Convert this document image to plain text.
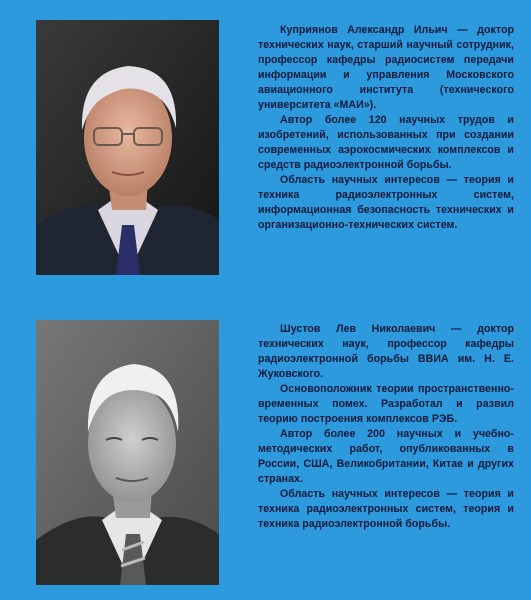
Куприянов Александр Ильич — доктор технических наук, старший научный сотрудник, профессор кафедры радиосистем передачи информации и управления Московского авиационного института (технического университета «МАИ»).

Автор более 120 научных трудов и изобретений, использованных при создании современных аэрокосмических комплексов и средств радиоэлектронной борьбы.

Область научных интересов — теория и техника радиоэлектронных систем, информационная безопасность технических и организационно-технических систем.

Шустов Лев Николаевич — доктор технических наук, профессор кафедры радиоэлектронной борьбы ВВИА им. Н. Е. Жуковского.

Основоположник теории пространственно-временных помех. Разработал и развил теорию построения комплексов РЭБ.

Автор более 200 научных и учебно-методических работ, опубликованных в России, США, Великобритании, Китае и других странах.

Область научных интересов — теория и техника радиоэлектронных систем, теория и техника радиоэлектронной борьбы.
